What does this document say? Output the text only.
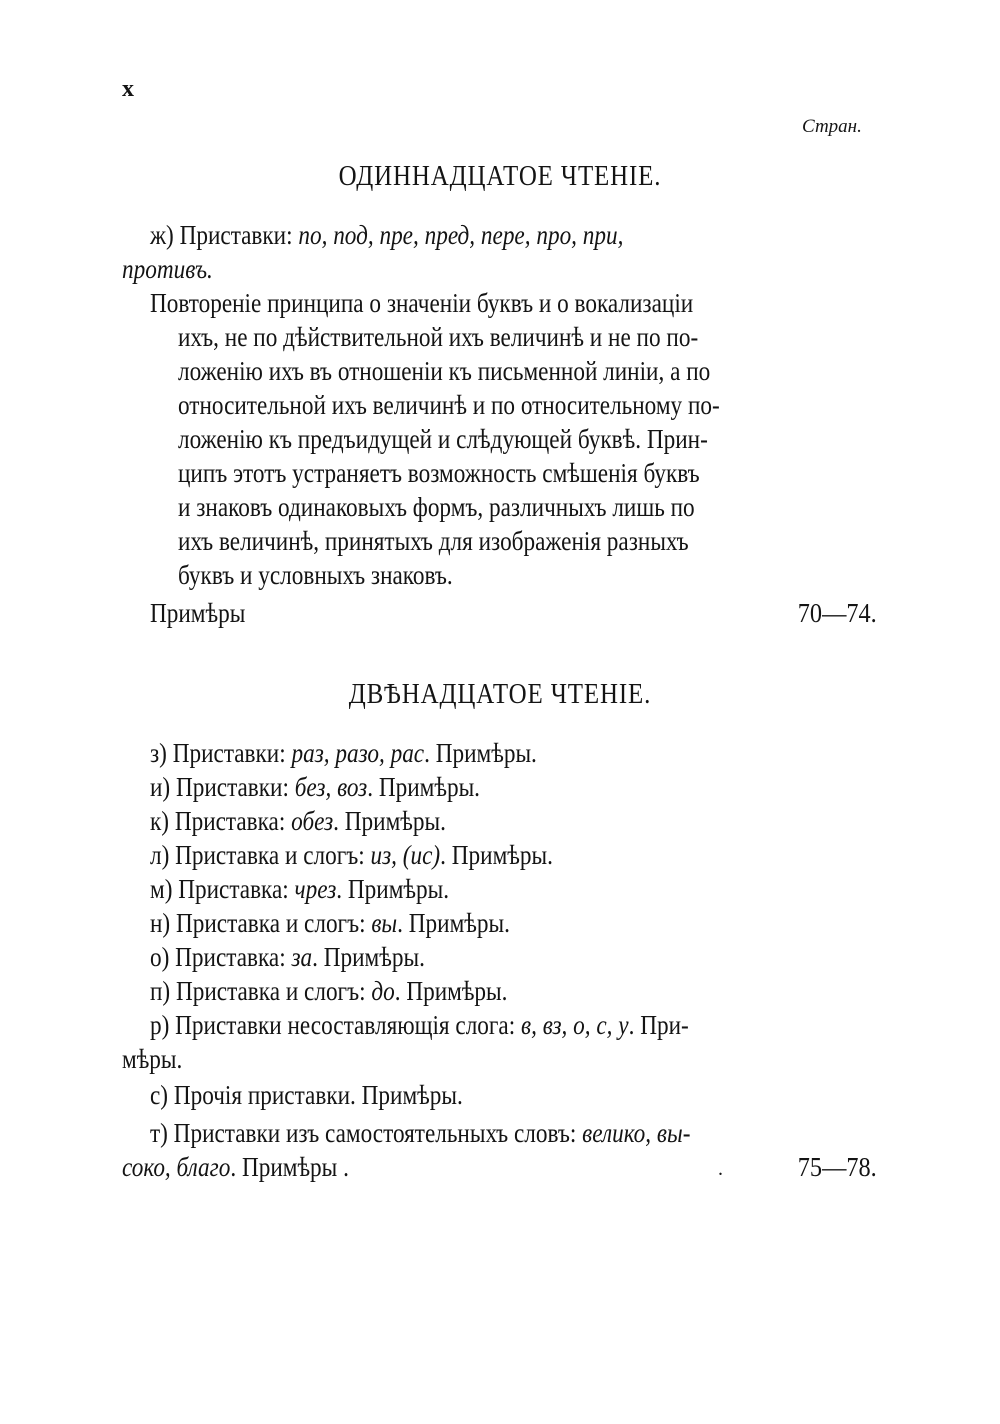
x
Стран.
ОДИННАДЦАТОЕ ЧТЕНІЕ.
ж) Приставки: по, под, пре, пред, пере, про, при,
противъ.
Повтореніе принципа о значеніи буквъ и о вокализаціи
ихъ, не по дѣйствительной ихъ величинѣ и не по по-
ложенію ихъ въ отношеніи къ письменной линіи, а по
относительной ихъ величинѣ и по относительному по-
ложенію къ предъидущей и слѣдующей буквѣ. Прин-
ципъ этотъ устраняетъ возможность смѣшенія буквъ
и знаковъ одинаковыхъ формъ, различныхъ лишь по
ихъ величинѣ, принятыхъ для изображенія разныхъ
буквъ и условныхъ знаковъ.
Примѣры	70—74.
ДВѢНАДЦАТОЕ ЧТЕНІЕ.
з) Приставки: раз, разо, рас. Примѣры.
и) Приставки: без, воз. Примѣры.
к) Приставка: обез. Примѣры.
л) Приставка и слогъ: из, (ис). Примѣры.
м) Приставка: чрез. Примѣры.
н) Приставка и слогъ: вы. Примѣры.
о) Приставка: за. Примѣры.
п) Приставка и слогъ: до. Примѣры.
р) Приставки несоставляющія слога: в, вз, о, с, у. При-
мѣры.
с) Прочія приставки. Примѣры.
т) Приставки изъ самостоятельныхъ словъ: велико, вы-
соко, благо. Примѣры .	.	75—78.
